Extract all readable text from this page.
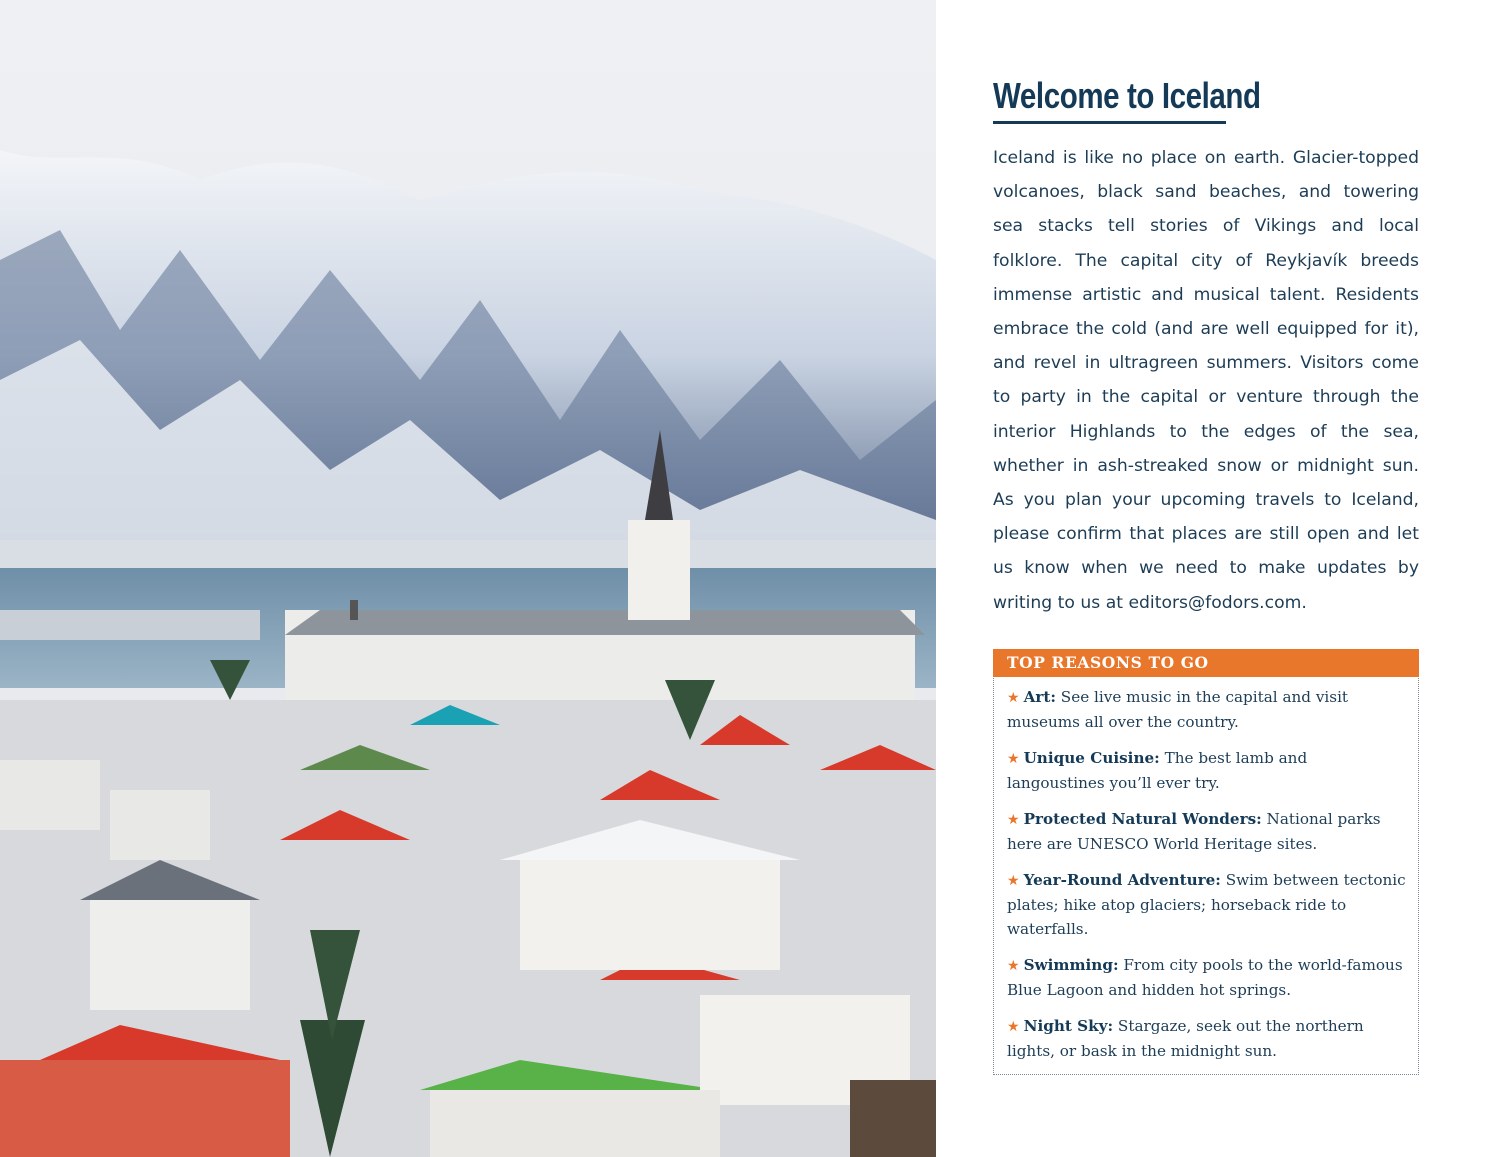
Welcome to Iceland

Iceland is like no place on earth. Glacier-topped volcanoes, black sand beaches, and towering sea stacks tell stories of Vikings and local folklore. The capital city of Reykjavík breeds immense artistic and musical talent. Residents embrace the cold (and are well equipped for it), and revel in ultragreen summers. Visitors come to party in the capital or venture through the interior Highlands to the edges of the sea, whether in ash-streaked snow or midnight sun. As you plan your upcoming travels to Iceland, please confirm that places are still open and let us know when we need to make updates by writing to us at editors@fodors.com.

TOP REASONS TO GO
★ Art: See live music in the capital and visit museums all over the country.
★ Unique Cuisine: The best lamb and langoustines you’ll ever try.
★ Protected Natural Wonders: National parks here are UNESCO World Heritage sites.
★ Year-Round Adventure: Swim between tectonic plates; hike atop glaciers; horseback ride to waterfalls.
★ Swimming: From city pools to the world-famous Blue Lagoon and hidden hot springs.
★ Night Sky: Stargaze, seek out the northern lights, or bask in the midnight sun.
